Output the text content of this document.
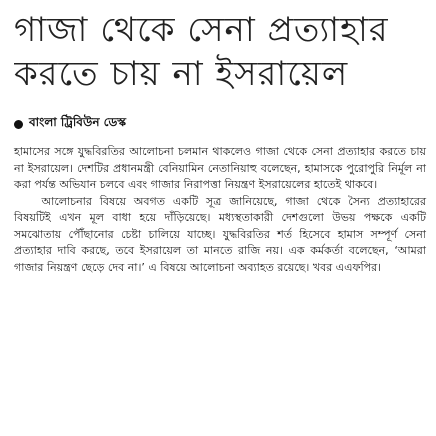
গাজা থেকে সেনা প্রত্যাহার
করতে চায় না ইসরায়েল
বাংলা ট্রিবিউন ডেস্ক

হামাসের সঙ্গে যুদ্ধবিরতির আলোচনা চলমান থাকলেও গাজা থেকে সেনা প্রত্যাহার করতে চায় না ইসরায়েল। দেশটির প্রধানমন্ত্রী বেনিয়ামিন নেতানিয়াহু বলেছেন, হামাসকে পুরোপুরি নির্মূল না করা পর্যন্ত অভিযান চলবে এবং গাজার নিরাপত্তা নিয়ন্ত্রণ ইসরায়েলের হাতেই থাকবে।

আলোচনার বিষয়ে অবগত একটি সূত্র জানিয়েছে, গাজা থেকে সৈন্য প্রত্যাহারের বিষয়টিই এখন মূল বাধা হয়ে দাঁড়িয়েছে। মধ্যস্থতাকারী দেশগুলো উভয় পক্ষকে একটি সমঝোতায় পৌঁছানোর চেষ্টা চালিয়ে যাচ্ছে। যুদ্ধবিরতির শর্ত হিসেবে হামাস সম্পূর্ণ সেনা প্রত্যাহার দাবি করছে, তবে ইসরায়েল তা মানতে রাজি নয়। এক কর্মকর্তা বলেছেন, ‘আমরা গাজার নিয়ন্ত্রণ ছেড়ে দেব না।’ এ বিষয়ে আলোচনা অব্যাহত রয়েছে। খবর এএফপির।
